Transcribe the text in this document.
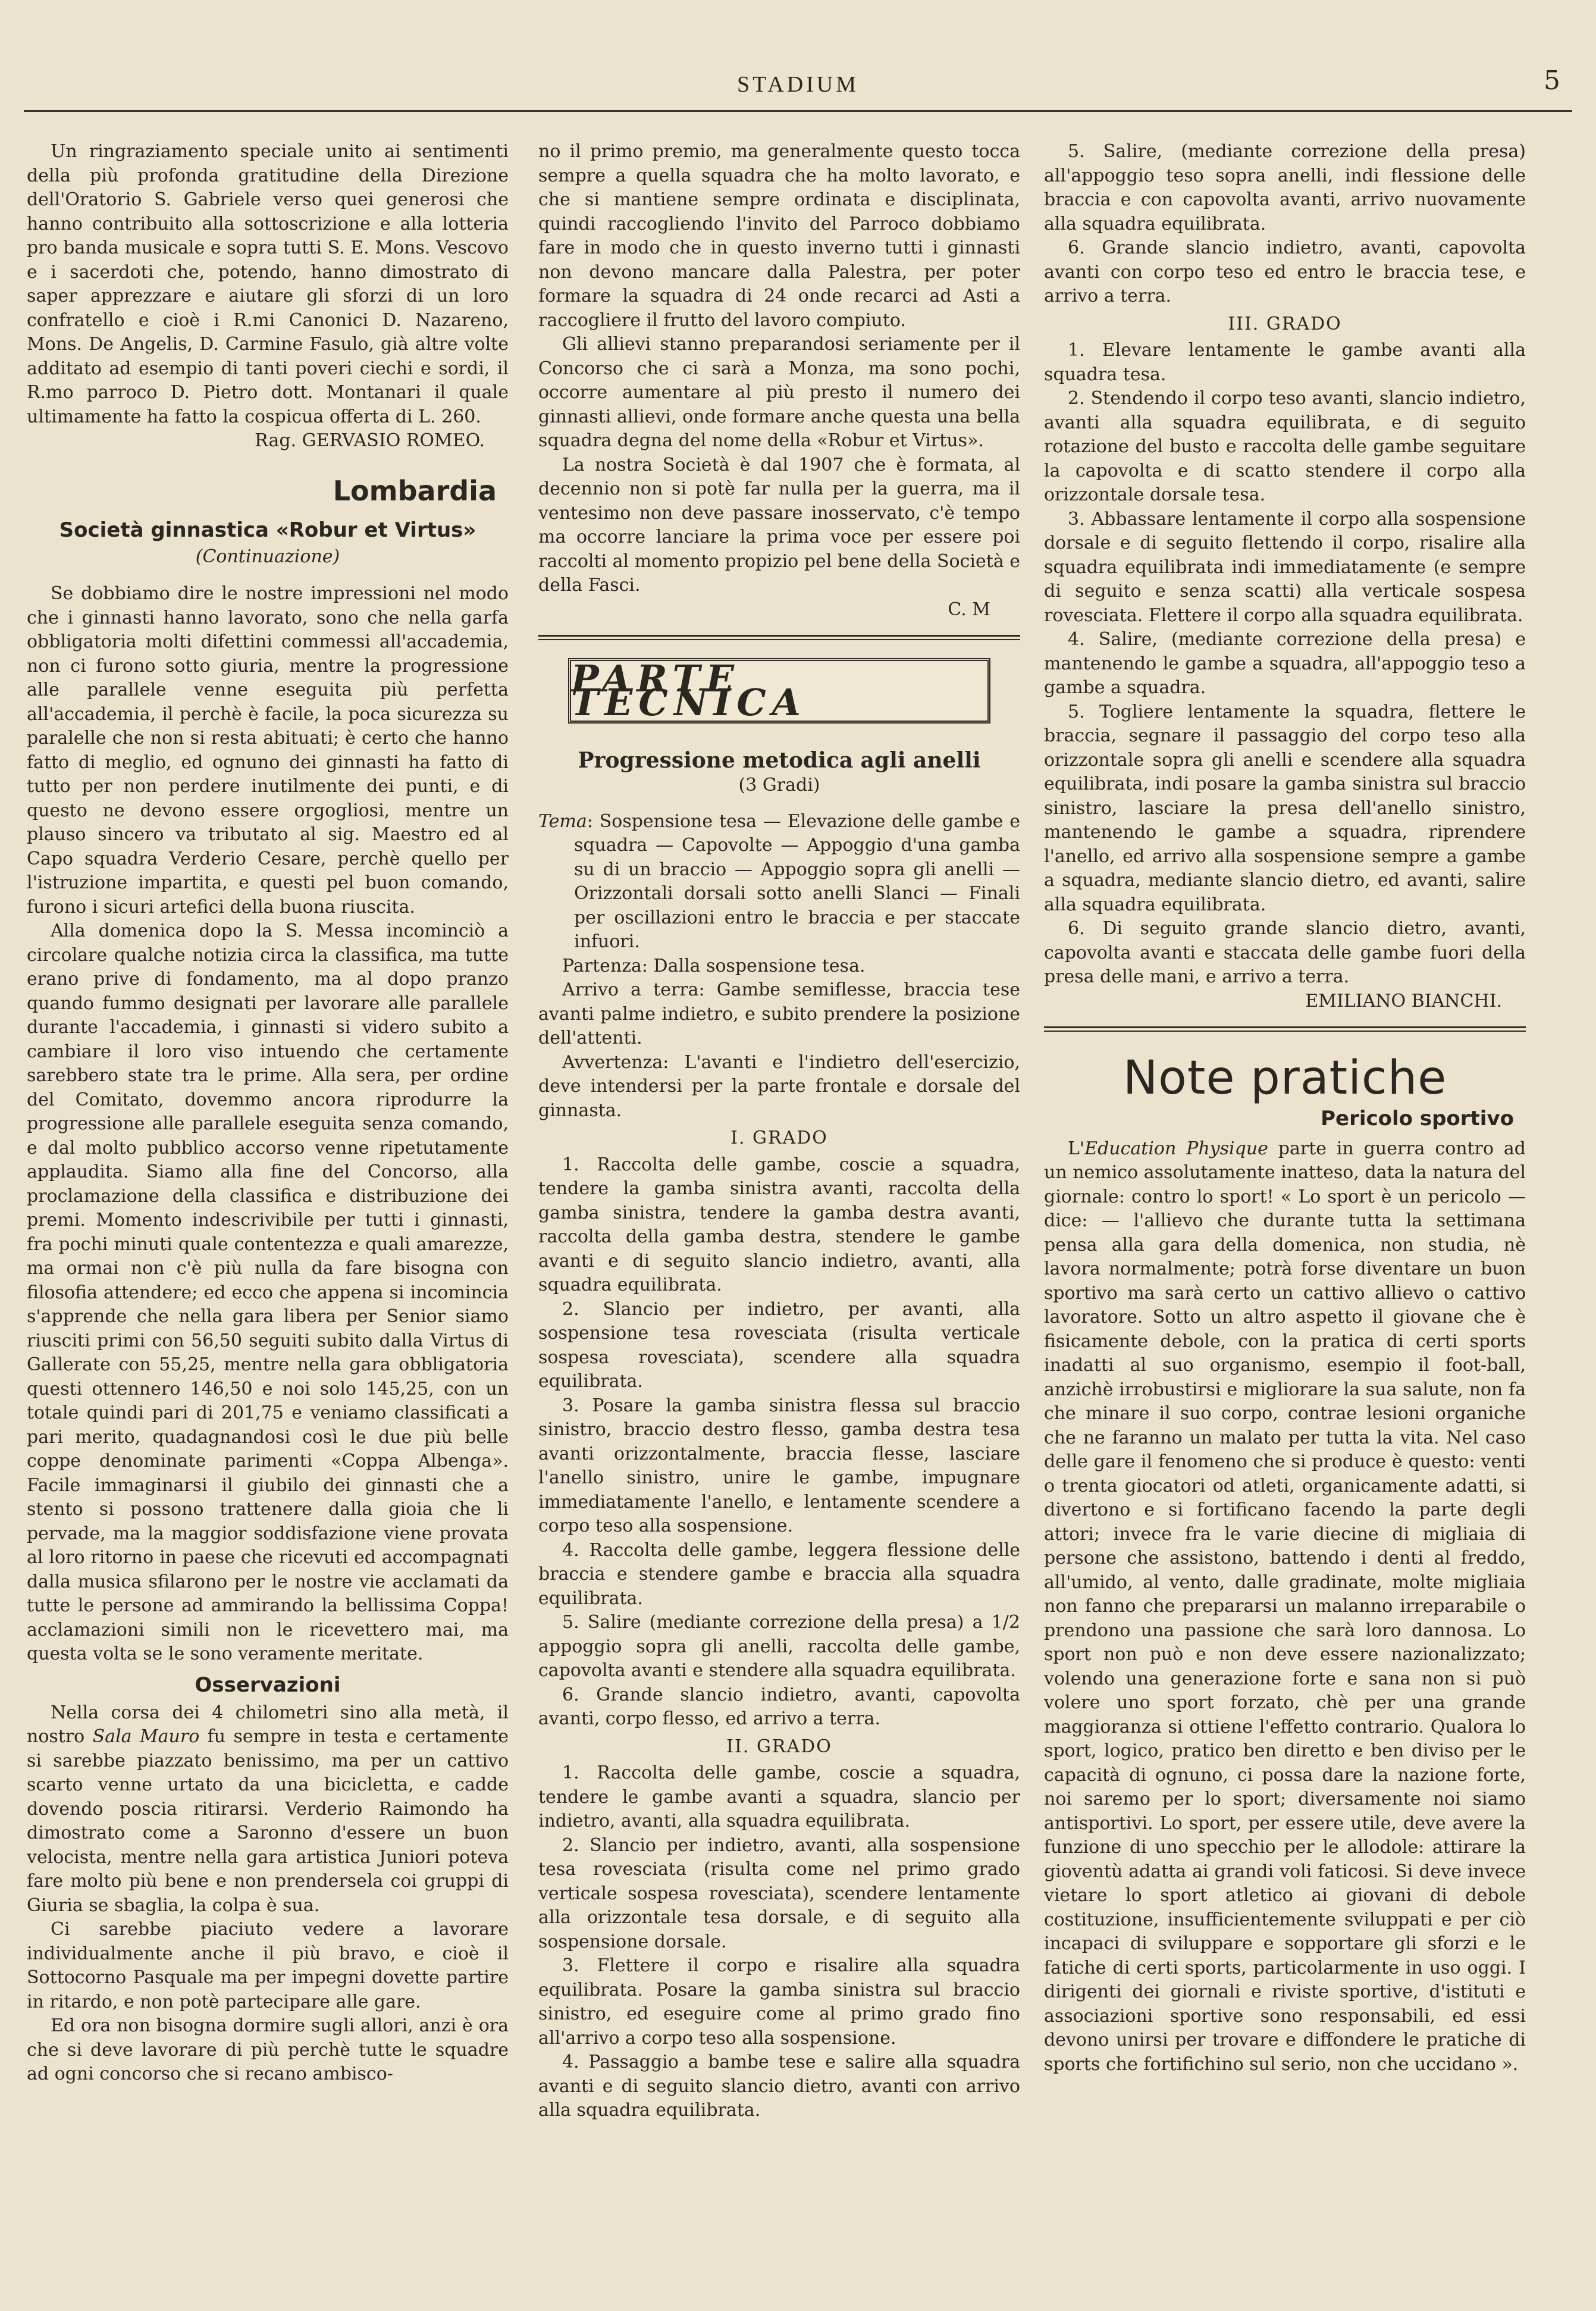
STADIUM	5

Un ringraziamento speciale unito ai sentimenti della più profonda gratitudine della Direzione dell'Oratorio S. Gabriele verso quei generosi che hanno contribuito alla sottoscrizione e alla lotteria pro banda musicale e sopra tutti S. E. Mons. Vescovo e i sacerdoti che, potendo, hanno dimostrato di saper apprezzare e aiutare gli sforzi di un loro confratello e cioè i R.mi Canonici D. Nazareno, Mons. De Angelis, D. Carmine Fasulo, già altre volte additato ad esempio di tanti poveri ciechi e sordi, il R.mo parroco D. Pietro dott. Montanari il quale ultimamente ha fatto la cospicua offerta di L. 260.

Rag. GERVASIO ROMEO.

Lombardia
Società ginnastica «Robur et Virtus»
(Continuazione)

Se dobbiamo dire le nostre impressioni nel modo che i ginnasti hanno lavorato, sono che nella garfa obbligatoria molti difettini commessi all'accademia, non ci furono sotto giuria, mentre la progressione alle parallele venne eseguita più perfetta all'accademia, il perchè è facile, la poca sicurezza su paralelle che non si resta abituati; è certo che hanno fatto di meglio, ed ognuno dei ginnasti ha fatto di tutto per non perdere inutilmente dei punti, e di questo ne devono essere orgogliosi, mentre un plauso sincero va tributato al sig. Maestro ed al Capo squadra Verderio Cesare, perchè quello per l'istruzione impartita, e questi pel buon comando, furono i sicuri artefici della buona riuscita.

Alla domenica dopo la S. Messa incominciò a circolare qualche notizia circa la classifica, ma tutte erano prive di fondamento, ma al dopo pranzo quando fummo designati per lavorare alle parallele durante l'accademia, i ginnasti si videro subito a cambiare il loro viso intuendo che certamente sarebbero state tra le prime. Alla sera, per ordine del Comitato, dovemmo ancora riprodurre la progressione alle parallele eseguita senza comando, e dal molto pubblico accorso venne ripetutamente applaudita. Siamo alla fine del Concorso, alla proclamazione della classifica e distribuzione dei premi. Momento indescrivibile per tutti i ginnasti, fra pochi minuti quale contentezza e quali amarezze, ma ormai non c'è più nulla da fare bisogna con filosofia attendere; ed ecco che appena si incomincia s'apprende che nella gara libera per Senior siamo riusciti primi con 56,50 seguiti subito dalla Virtus di Gallerate con 55,25, mentre nella gara obbligatoria questi ottennero 146,50 e noi solo 145,25, con un totale quindi pari di 201,75 e veniamo classificati a pari merito, quadagnandosi così le due più belle coppe denominate parimenti «Coppa Albenga». Facile immaginarsi il giubilo dei ginnasti che a stento si possono trattenere dalla gioia che li pervade, ma la maggior soddisfazione viene provata al loro ritorno in paese che ricevuti ed accompagnati dalla musica sfilarono per le nostre vie acclamati da tutte le persone ad ammirando la bellissima Coppa! acclamazioni simili non le ricevettero mai, ma questa volta se le sono veramente meritate.

Osservazioni

Nella corsa dei 4 chilometri sino alla metà, il nostro Sala Mauro fu sempre in testa e certamente si sarebbe piazzato benissimo, ma per un cattivo scarto venne urtato da una bicicletta, e cadde dovendo poscia ritirarsi. Verderio Raimondo ha dimostrato come a Saronno d'essere un buon velocista, mentre nella gara artistica Juniori poteva fare molto più bene e non prendersela coi gruppi di Giuria se sbaglia, la colpa è sua.

Ci sarebbe piaciuto vedere a lavorare individualmente anche il più bravo, e cioè il Sottocorno Pasquale ma per impegni dovette partire in ritardo, e non potè partecipare alle gare.

Ed ora non bisogna dormire sugli allori, anzi è ora che si deve lavorare di più perchè tutte le squadre ad ogni concorso che si recano ambisco-

no il primo premio, ma generalmente questo tocca sempre a quella squadra che ha molto lavorato, e che si mantiene sempre ordinata e disciplinata, quindi raccogliendo l'invito del Parroco dobbiamo fare in modo che in questo inverno tutti i ginnasti non devono mancare dalla Palestra, per poter formare la squadra di 24 onde recarci ad Asti a raccogliere il frutto del lavoro compiuto.

Gli allievi stanno preparandosi seriamente per il Concorso che ci sarà a Monza, ma sono pochi, occorre aumentare al più presto il numero dei ginnasti allievi, onde formare anche questa una bella squadra degna del nome della «Robur et Virtus».

La nostra Società è dal 1907 che è formata, al decennio non si potè far nulla per la guerra, ma il ventesimo non deve passare inosservato, c'è tempo ma occorre lanciare la prima voce per essere poi raccolti al momento propizio pel bene della Società e della Fasci.

C. M

PARTE TECNICA
Progressione metodica agli anelli
(3 Gradi)

Tema: Sospensione tesa — Elevazione delle gambe e squadra — Capovolte — Appoggio d'una gamba su di un braccio — Appoggio sopra gli anelli — Orizzontali dorsali sotto anelli Slanci — Finali per oscillazioni entro le braccia e per staccate infuori.

Partenza: Dalla sospensione tesa.

Arrivo a terra: Gambe semiflesse, braccia tese avanti palme indietro, e subito prendere la posizione dell'attenti.

Avvertenza: L'avanti e l'indietro dell'esercizio, deve intendersi per la parte frontale e dorsale del ginnasta.

I. GRADO

1. Raccolta delle gambe, coscie a squadra, tendere la gamba sinistra avanti, raccolta della gamba sinistra, tendere la gamba destra avanti, raccolta della gamba destra, stendere le gambe avanti e di seguito slancio indietro, avanti, alla squadra equilibrata.

2. Slancio per indietro, per avanti, alla sospensione tesa rovesciata (risulta verticale sospesa rovesciata), scendere alla squadra equilibrata.

3. Posare la gamba sinistra flessa sul braccio sinistro, braccio destro flesso, gamba destra tesa avanti orizzontalmente, braccia flesse, lasciare l'anello sinistro, unire le gambe, impugnare immediatamente l'anello, e lentamente scendere a corpo teso alla sospensione.

4. Raccolta delle gambe, leggera flessione delle braccia e stendere gambe e braccia alla squadra equilibrata.

5. Salire (mediante correzione della presa) a 1/2 appoggio sopra gli anelli, raccolta delle gambe, capovolta avanti e stendere alla squadra equilibrata.

6. Grande slancio indietro, avanti, capovolta avanti, corpo flesso, ed arrivo a terra.

II. GRADO

1. Raccolta delle gambe, coscie a squadra, tendere le gambe avanti a squadra, slancio per indietro, avanti, alla squadra equilibrata.

2. Slancio per indietro, avanti, alla sospensione tesa rovesciata (risulta come nel primo grado verticale sospesa rovesciata), scendere lentamente alla orizzontale tesa dorsale, e di seguito alla sospensione dorsale.

3. Flettere il corpo e risalire alla squadra equilibrata. Posare la gamba sinistra sul braccio sinistro, ed eseguire come al primo grado fino all'arrivo a corpo teso alla sospensione.

4. Passaggio a bambe tese e salire alla squadra avanti e di seguito slancio dietro, avanti con arrivo alla squadra equilibrata.

5. Salire, (mediante correzione della presa) all'appoggio teso sopra anelli, indi flessione delle braccia e con capovolta avanti, arrivo nuovamente alla squadra equilibrata.

6. Grande slancio indietro, avanti, capovolta avanti con corpo teso ed entro le braccia tese, e arrivo a terra.

III. GRADO

1. Elevare lentamente le gambe avanti alla squadra tesa.

2. Stendendo il corpo teso avanti, slancio indietro, avanti alla squadra equilibrata, e di seguito rotazione del busto e raccolta delle gambe seguitare la capovolta e di scatto stendere il corpo alla orizzontale dorsale tesa.

3. Abbassare lentamente il corpo alla sospensione dorsale e di seguito flettendo il corpo, risalire alla squadra equilibrata indi immediatamente (e sempre di seguito e senza scatti) alla verticale sospesa rovesciata. Flettere il corpo alla squadra equilibrata.

4. Salire, (mediante correzione della presa) e mantenendo le gambe a squadra, all'appoggio teso a gambe a squadra.

5. Togliere lentamente la squadra, flettere le braccia, segnare il passaggio del corpo teso alla orizzontale sopra gli anelli e scendere alla squadra equilibrata, indi posare la gamba sinistra sul braccio sinistro, lasciare la presa dell'anello sinistro, mantenendo le gambe a squadra, riprendere l'anello, ed arrivo alla sospensione sempre a gambe a squadra, mediante slancio dietro, ed avanti, salire alla squadra equilibrata.

6. Di seguito grande slancio dietro, avanti, capovolta avanti e staccata delle gambe fuori della presa delle mani, e arrivo a terra.

EMILIANO BIANCHI.

Note pratiche
Pericolo sportivo

L'Education Physique parte in guerra contro ad un nemico assolutamente inatteso, data la natura del giornale: contro lo sport! « Lo sport è un pericolo — dice: — l'allievo che durante tutta la settimana pensa alla gara della domenica, non studia, nè lavora normalmente; potrà forse diventare un buon sportivo ma sarà certo un cattivo allievo o cattivo lavoratore. Sotto un altro aspetto il giovane che è fisicamente debole, con la pratica di certi sports inadatti al suo organismo, esempio il foot-ball, anzichè irrobustirsi e migliorare la sua salute, non fa che minare il suo corpo, contrae lesioni organiche che ne faranno un malato per tutta la vita. Nel caso delle gare il fenomeno che si produce è questo: venti o trenta giocatori od atleti, organicamente adatti, si divertono e si fortificano facendo la parte degli attori; invece fra le varie diecine di migliaia di persone che assistono, battendo i denti al freddo, all'umido, al vento, dalle gradinate, molte migliaia non fanno che prepararsi un malanno irreparabile o prendono una passione che sarà loro dannosa. Lo sport non può e non deve essere nazionalizzato; volendo una generazione forte e sana non si può volere uno sport forzato, chè per una grande maggioranza si ottiene l'effetto contrario. Qualora lo sport, logico, pratico ben diretto e ben diviso per le capacità di ognuno, ci possa dare la nazione forte, noi saremo per lo sport; diversamente noi siamo antisportivi. Lo sport, per essere utile, deve avere la funzione di uno specchio per le allodole: attirare la gioventù adatta ai grandi voli faticosi. Si deve invece vietare lo sport atletico ai giovani di debole costituzione, insufficientemente sviluppati e per ciò incapaci di sviluppare e sopportare gli sforzi e le fatiche di certi sports, particolarmente in uso oggi. I dirigenti dei giornali e riviste sportive, d'istituti e associazioni sportive sono responsabili, ed essi devono unirsi per trovare e diffondere le pratiche di sports che fortifichino sul serio, non che uccidano ».
